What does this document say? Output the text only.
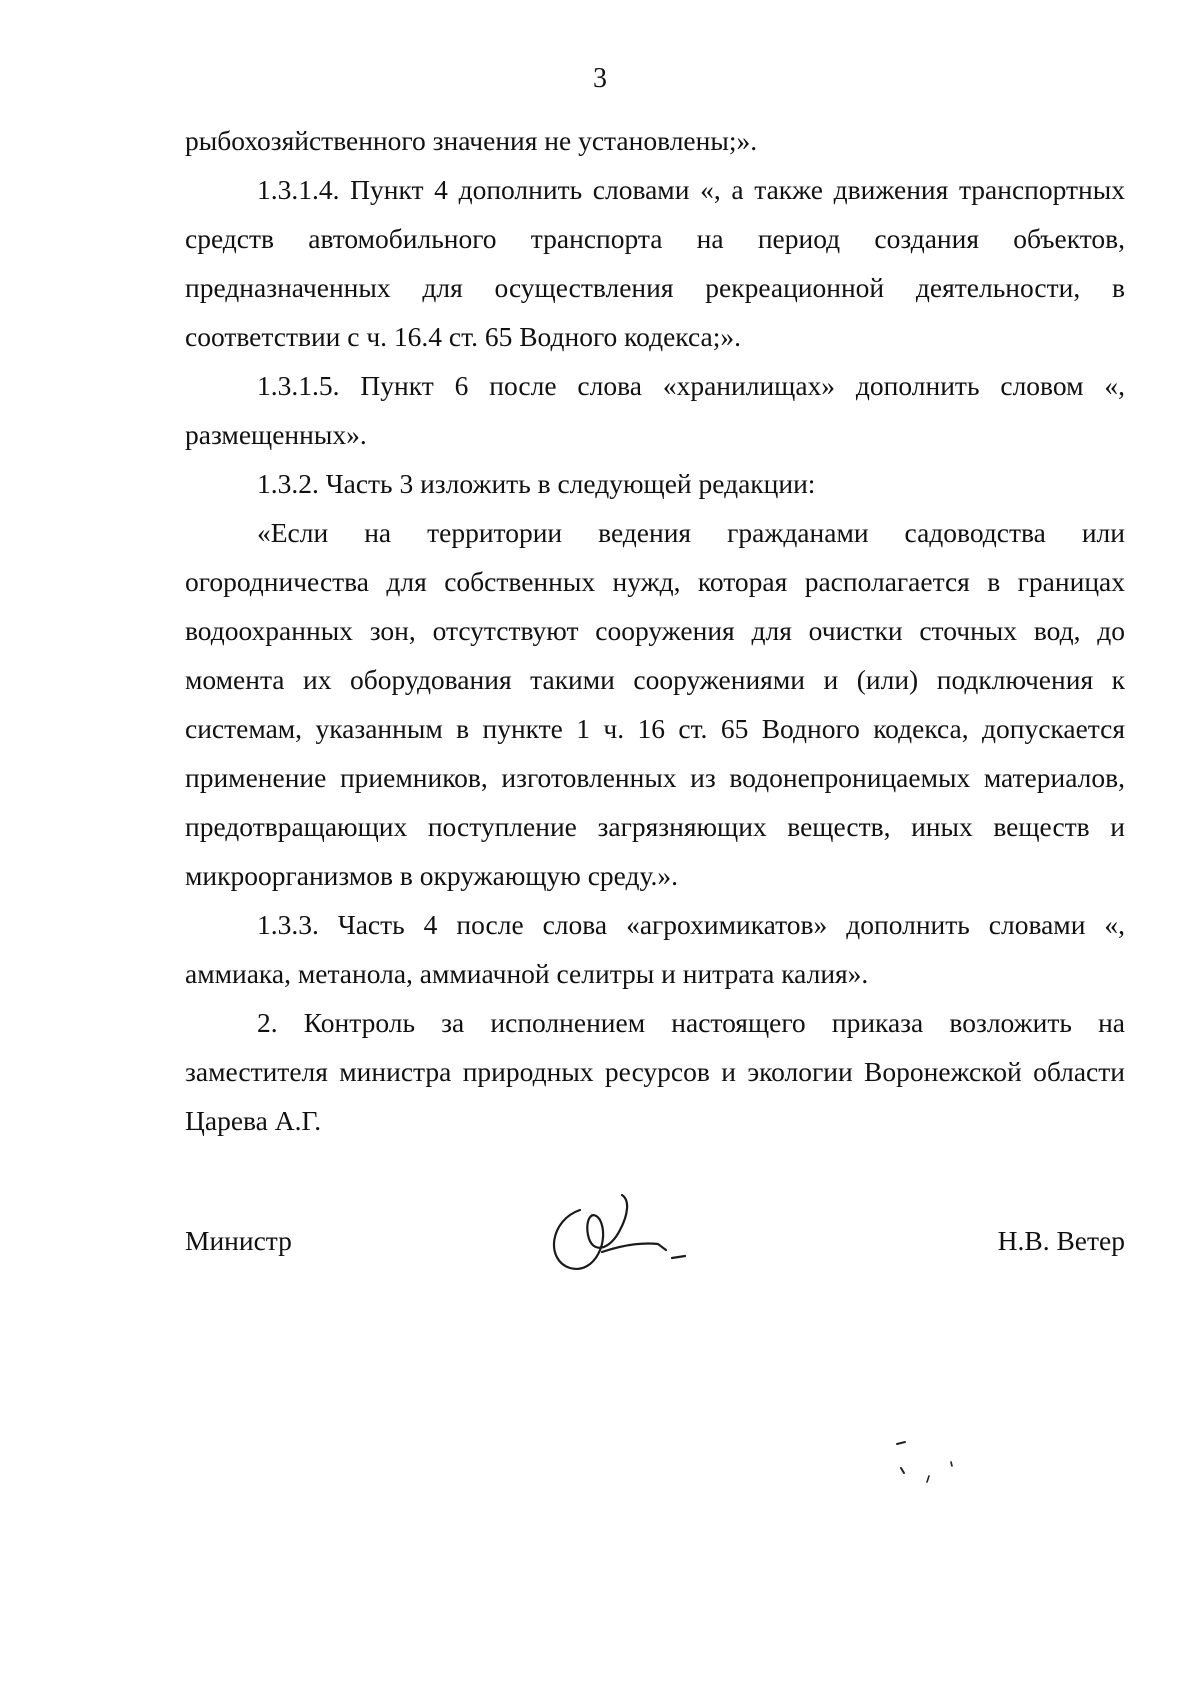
3

рыбохозяйственного значения не установлены;».

1.3.1.4. Пункт 4 дополнить словами «, а также движения транспортных средств автомобильного транспорта на период создания объектов, предназначенных для осуществления рекреационной деятельности, в соответствии с ч. 16.4 ст. 65 Водного кодекса;».

1.3.1.5. Пункт 6 после слова «хранилищах» дополнить словом «, размещенных».

1.3.2. Часть 3 изложить в следующей редакции:

«Если на территории ведения гражданами садоводства или огородничества для собственных нужд, которая располагается в границах водоохранных зон, отсутствуют сооружения для очистки сточных вод, до момента их оборудования такими сооружениями и (или) подключения к системам, указанным в пункте 1 ч. 16 ст. 65 Водного кодекса, допускается применение приемников, изготовленных из водонепроницаемых материалов, предотвращающих поступление загрязняющих веществ, иных веществ и микроорганизмов в окружающую среду.».

1.3.3. Часть 4 после слова «агрохимикатов» дополнить словами «, аммиака, метанола, аммиачной селитры и нитрата калия».

2. Контроль за исполнением настоящего приказа возложить на заместителя министра природных ресурсов и экологии Воронежской области Царева А.Г.

Министр	Н.В. Ветер
